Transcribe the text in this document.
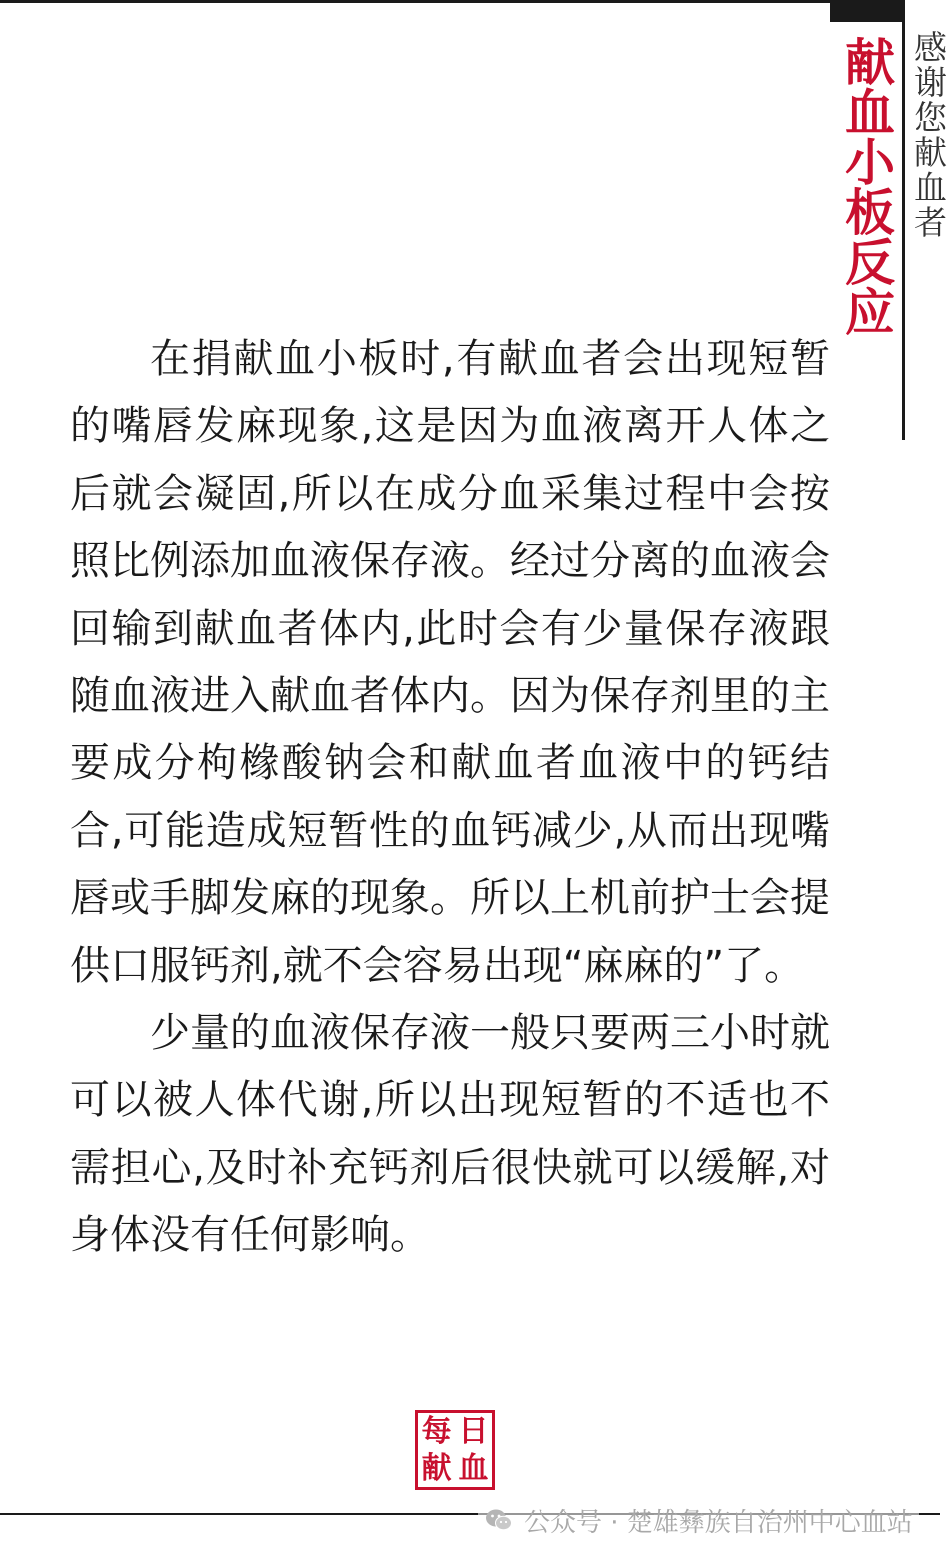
献血小板反应 感谢您献血者

在捐献血小板时,有献血者会出现短暂的嘴唇发麻现象,这是因为血液离开人体之后就会凝固,所以在成分血采集过程中会按照比例添加血液保存液。经过分离的血液会回输到献血者体内,此时会有少量保存液跟随血液进入献血者体内。因为保存剂里的主要成分枸橼酸钠会和献血者血液中的钙结合,可能造成短暂性的血钙减少,从而出现嘴唇或手脚发麻的现象。所以上机前护士会提供口服钙剂,就不会容易出现“麻麻的”了。

少量的血液保存液一般只要两三小时就可以被人体代谢,所以出现短暂的不适也不需担心,及时补充钙剂后很快就可以缓解,对身体没有任何影响。

每 日
献 血
公众号 · 楚雄彝族自治州中心血站
